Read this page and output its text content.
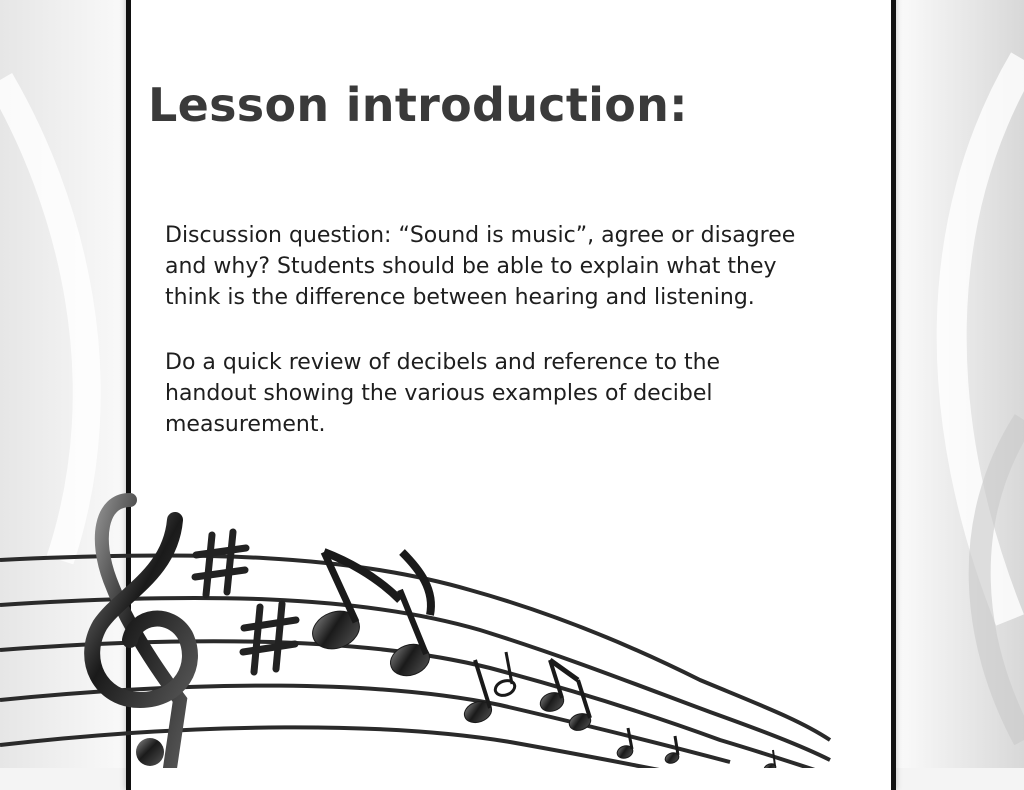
Lesson introduction:

Discussion question: “Sound is music”, agree or disagree and why? Students should be able to explain what they think is the difference between hearing and listening.

Do a quick review of decibels and reference to the handout showing the various examples of decibel measurement.
